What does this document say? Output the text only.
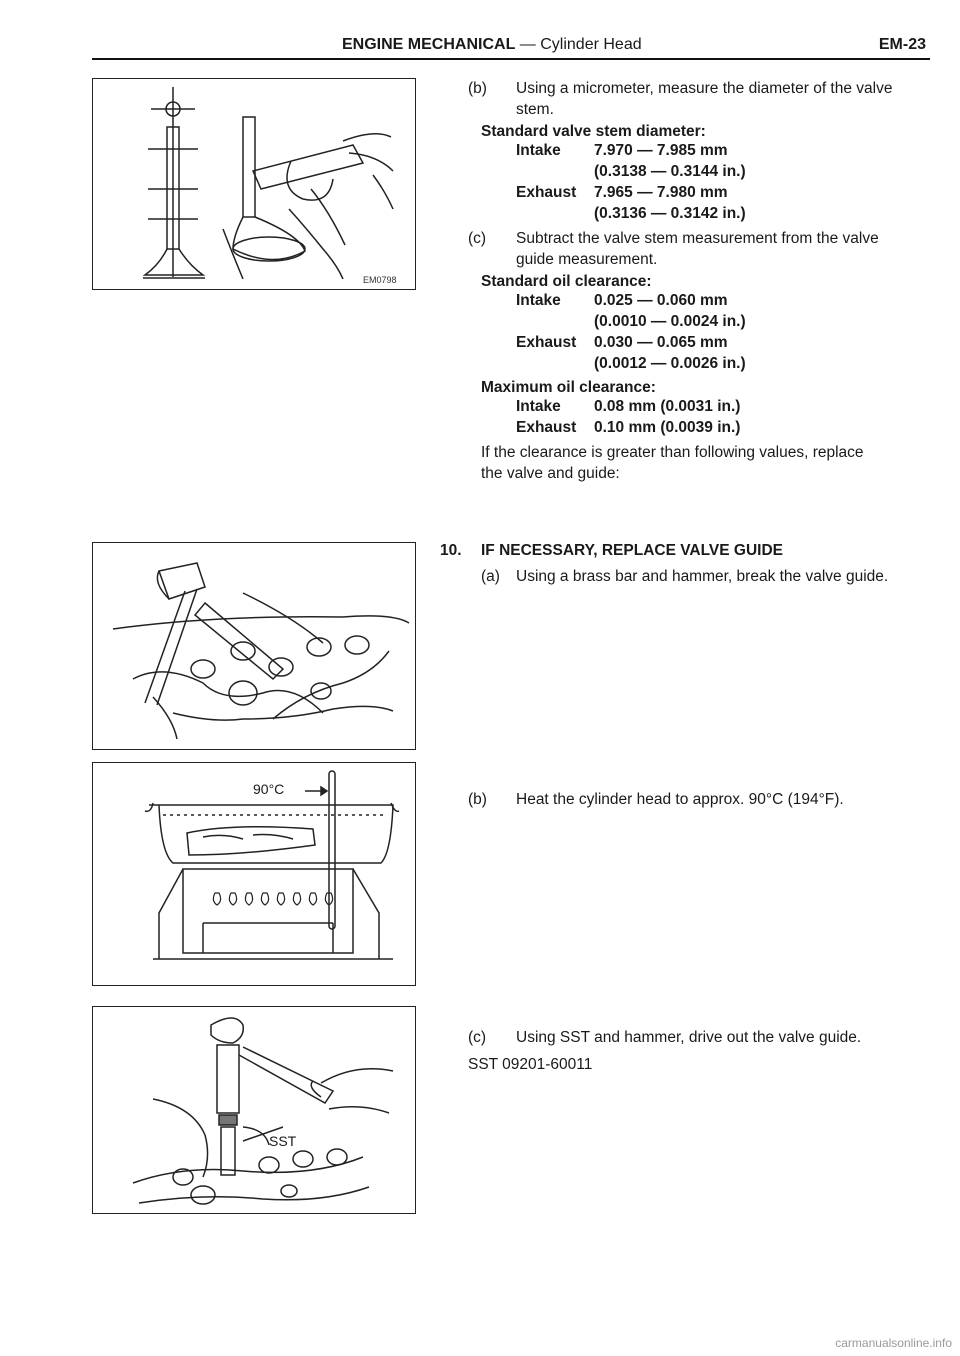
ENGINE MECHANICAL — Cylinder Head	EM-23
EM0798
90°C
SST
(b) Using a micrometer, measure the diameter of the valve
stem.
Standard valve stem diameter:
Intake 7.970 — 7.985 mm
(0.3138 — 0.3144 in.)
Exhaust 7.965 — 7.980 mm
(0.3136 — 0.3142 in.)
(c) Subtract the valve stem measurement from the valve
guide measurement.
Standard oil clearance:
Intake 0.025 — 0.060 mm
(0.0010 — 0.0024 in.)
Exhaust 0.030 — 0.065 mm
(0.0012 — 0.0026 in.)
Maximum oil clearance:
Intake 0.08 mm (0.0031 in.)
Exhaust 0.10 mm (0.0039 in.)
If the clearance is greater than following values, replace
the valve and guide:
10. IF NECESSARY, REPLACE VALVE GUIDE
(a) Using a brass bar and hammer, break the valve guide.
(b) Heat the cylinder head to approx. 90°C (194°F).
(c) Using SST and hammer, drive out the valve guide.
SST 09201-60011
carmanualsonline.info
